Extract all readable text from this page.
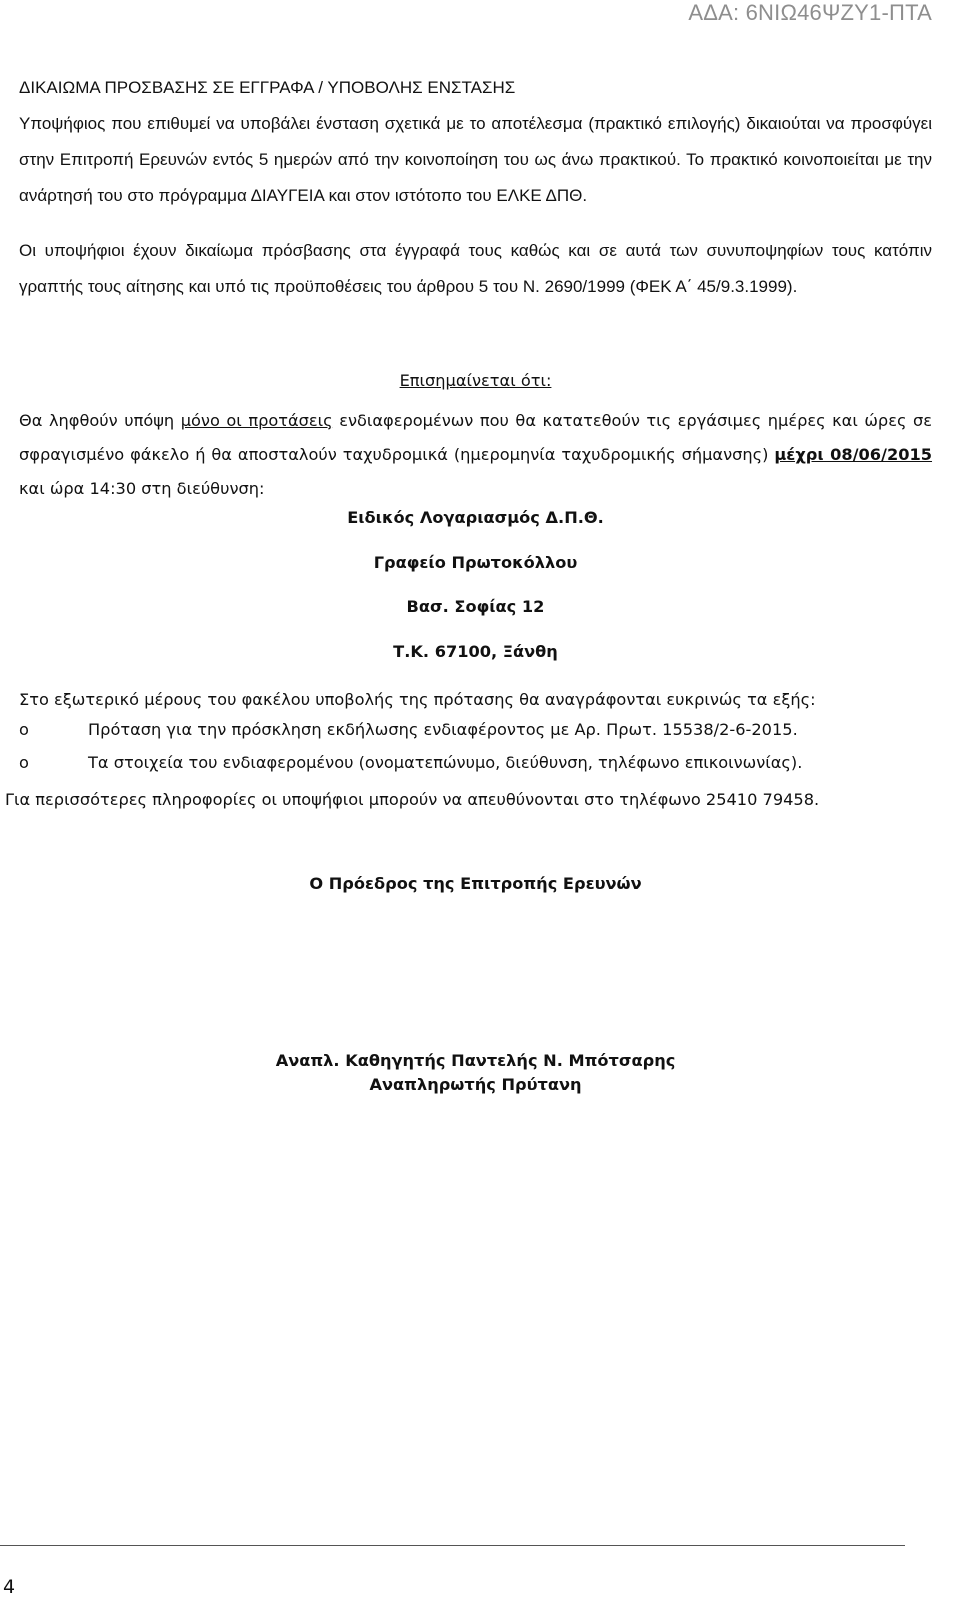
ΑΔΑ: 6ΝΙΩ46ΨΖΥ1-ΠΤΑ
ΔΙΚΑΙΩΜΑ ΠΡΟΣΒΑΣΗΣ ΣΕ ΕΓΓΡΑΦΑ / ΥΠΟΒΟΛΗΣ ΕΝΣΤΑΣΗΣ
Υποψήφιος που επιθυμεί να υποβάλει ένσταση σχετικά με το αποτέλεσμα (πρακτικό επιλογής) δικαιούται να προσφύγει στην Επιτροπή Ερευνών εντός 5 ημερών από την κοινοποίηση του ως άνω πρακτικού. Το πρακτικό κοινοποιείται με την ανάρτησή του στο πρόγραμμα ΔΙΑΥΓΕΙΑ και στον ιστότοπο του ΕΛΚΕ ΔΠΘ.
Οι υποψήφιοι έχουν δικαίωμα πρόσβασης στα έγγραφά τους καθώς και σε αυτά των συνυποψηφίων τους κατόπιν γραπτής τους αίτησης και υπό τις προϋποθέσεις του άρθρου 5 του Ν. 2690/1999 (ΦΕΚ Α΄ 45/9.3.1999).
Επισημαίνεται ότι:
Θα ληφθούν υπόψη μόνο οι προτάσεις ενδιαφερομένων που θα κατατεθούν τις εργάσιμες ημέρες και ώρες σε σφραγισμένο φάκελο ή θα αποσταλούν ταχυδρομικά (ημερομηνία ταχυδρομικής σήμανσης) μέχρι 08/06/2015 και ώρα 14:30 στη διεύθυνση:
Ειδικός Λογαριασμός Δ.Π.Θ.
Γραφείο Πρωτοκόλλου
Βασ. Σοφίας 12
Τ.Κ. 67100, Ξάνθη
Στο εξωτερικό μέρους του φακέλου υποβολής της πρότασης θα αναγράφονται ευκρινώς τα εξής:
o	Πρόταση για την πρόσκληση εκδήλωσης ενδιαφέροντος με Αρ. Πρωτ. 15538/2-6-2015.
o	Τα στοιχεία του ενδιαφερομένου (ονοματεπώνυμο, διεύθυνση, τηλέφωνο επικοινωνίας).
Για περισσότερες πληροφορίες οι υποψήφιοι μπορούν να απευθύνονται στο τηλέφωνο 25410 79458.
Ο Πρόεδρος της Επιτροπής Ερευνών
Αναπλ. Καθηγητής Παντελής Ν. Μπότσαρης
Αναπληρωτής Πρύτανη
4
